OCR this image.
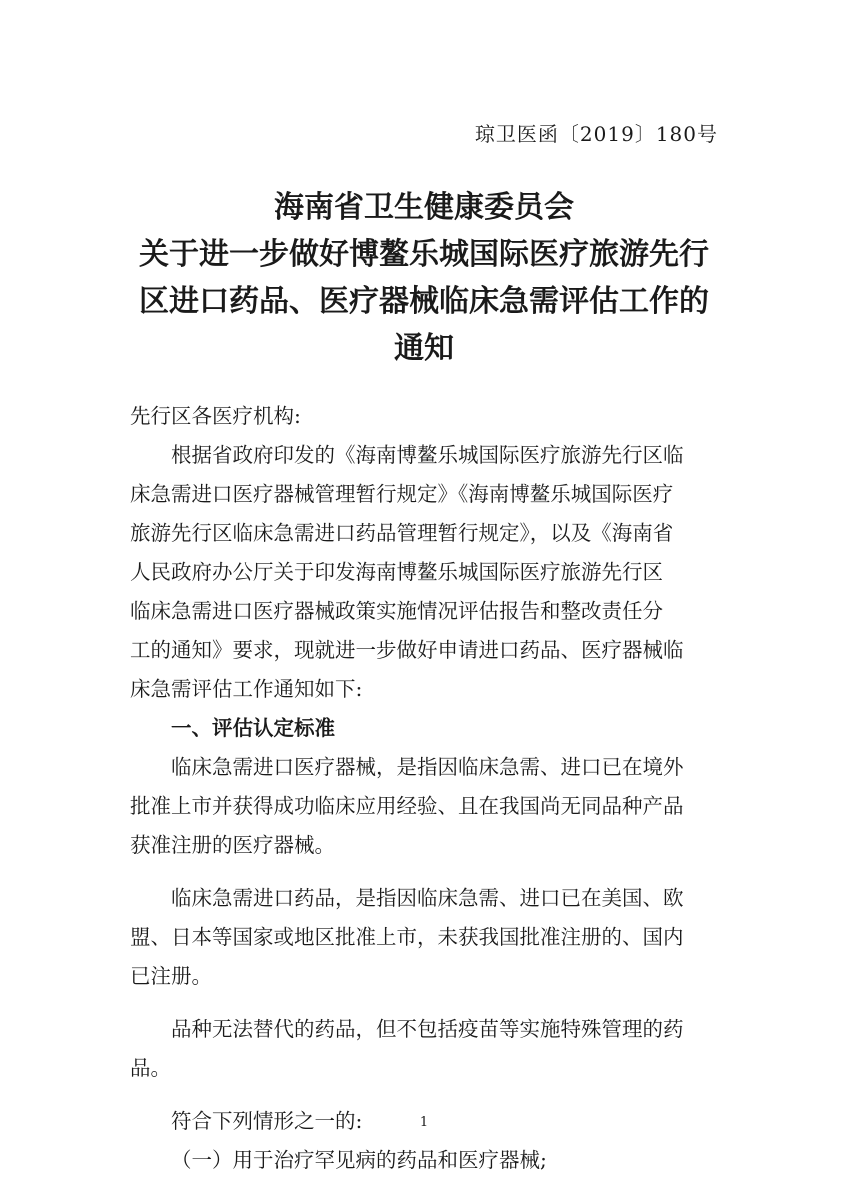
琼卫医函〔2019〕180号
海南省卫生健康委员会
关于进一步做好博鳌乐城国际医疗旅游先行
区进口药品、医疗器械临床急需评估工作的
通知

先行区各医疗机构:

根据省政府印发的《海南博鳌乐城国际医疗旅游先行区临

床急需进口医疗器械管理暂行规定》《海南博鳌乐城国际医疗

旅游先行区临床急需进口药品管理暂行规定》，以及《海南省

人民政府办公厅关于印发海南博鳌乐城国际医疗旅游先行区

临床急需进口医疗器械政策实施情况评估报告和整改责任分

工的通知》要求，现就进一步做好申请进口药品、医疗器械临

床急需评估工作通知如下:

一、评估认定标准

临床急需进口医疗器械，是指因临床急需、进口已在境外

批准上市并获得成功临床应用经验、且在我国尚无同品种产品

获准注册的医疗器械。

临床急需进口药品，是指因临床急需、进口已在美国、欧

盟、日本等国家或地区批准上市，未获我国批准注册的、国内

已注册。

品种无法替代的药品，但不包括疫苗等实施特殊管理的药

品。

符合下列情形之一的:

（一）用于治疗罕见病的药品和医疗器械;

1
